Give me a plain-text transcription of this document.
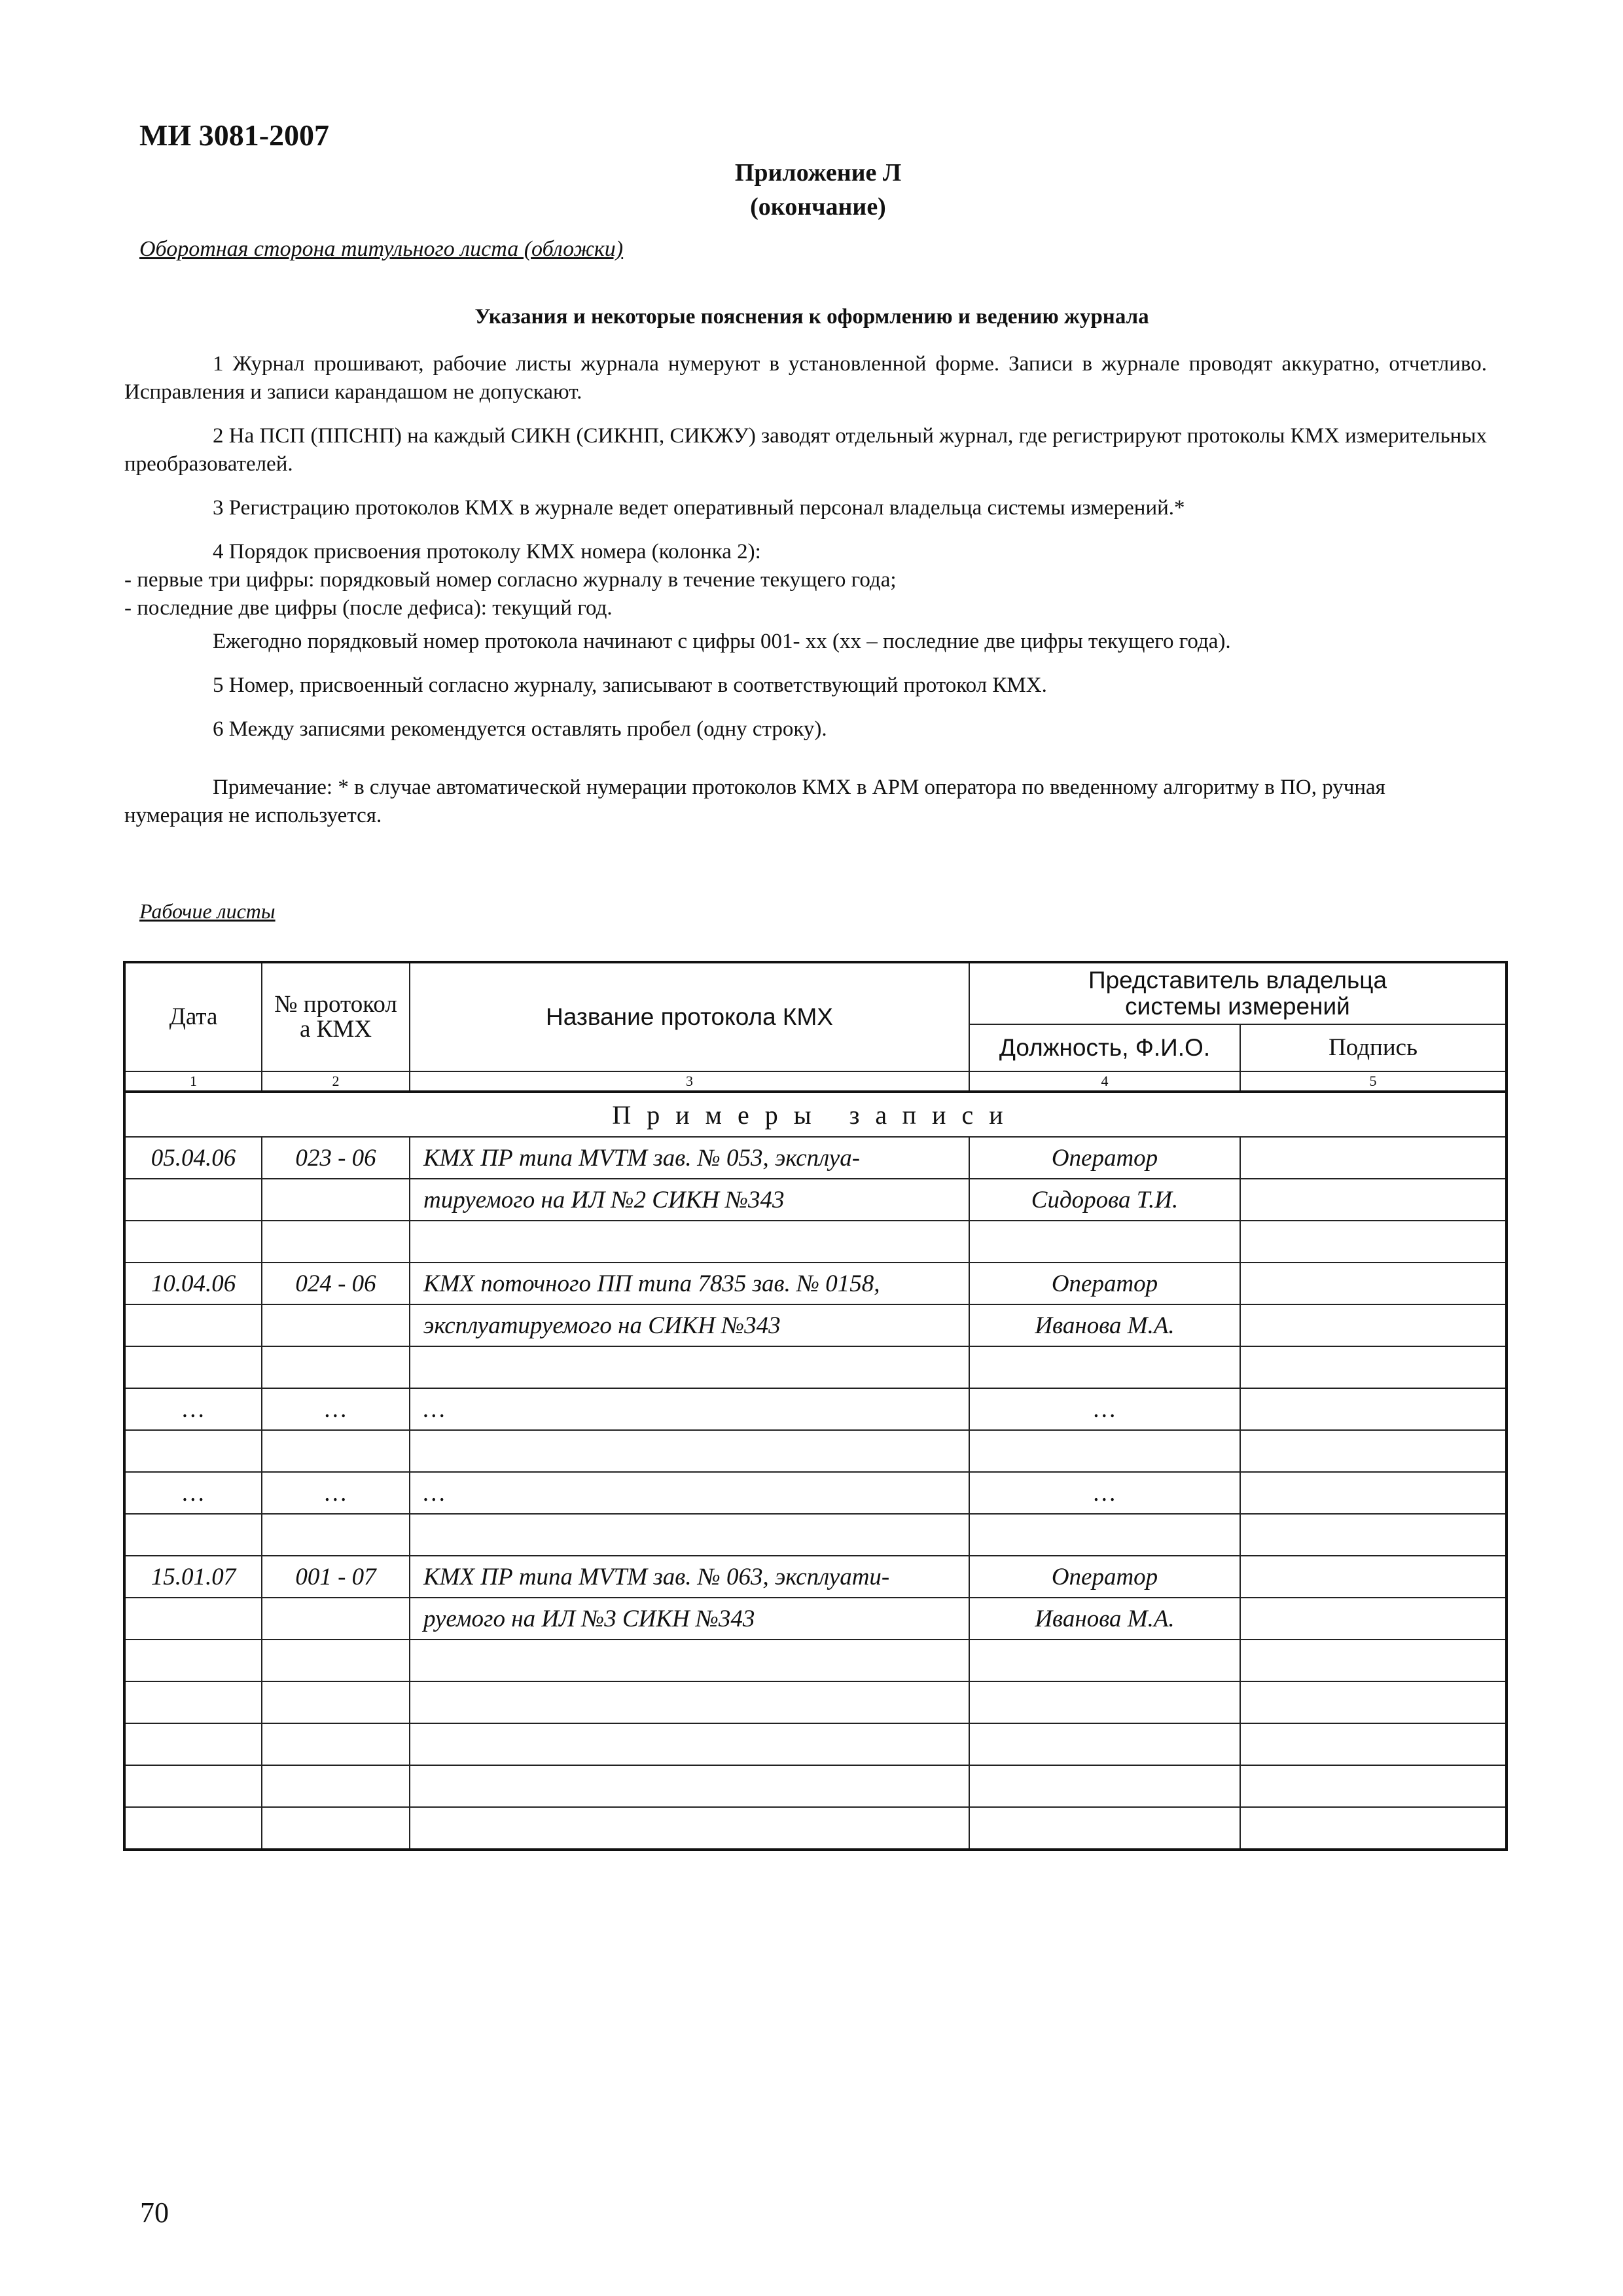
МИ 3081-2007
Приложение Л
(окончание)
Оборотная сторона титульного листа (обложки)
Указания и некоторые пояснения к оформлению и ведению журнала

1 Журнал прошивают, рабочие листы журнала нумеруют в установленной форме. Записи в журнале проводят аккуратно, отчетливо. Исправления и записи карандашом не допускают.

2 На ПСП (ППСНП) на каждый СИКН (СИКНП, СИКЖУ) заводят отдельный журнал, где регистрируют протоколы КМХ измерительных преобразователей.

3 Регистрацию протоколов КМХ в журнале ведет оперативный персонал владельца системы измерений.*

4 Порядок присвоения протоколу КМХ номера (колонка 2):

- первые три цифры: порядковый номер согласно журналу в течение текущего года;

- последние две цифры (после дефиса): текущий год.

Ежегодно порядковый номер протокола начинают с цифры 001- xx (xx – последние две цифры текущего года).

5 Номер, присвоенный согласно журналу, записывают в соответствующий протокол КМХ.

6 Между записями рекомендуется оставлять пробел (одну строку).

Примечание: * в случае автоматической нумерации протоколов КМХ в АРМ оператора по введенному алгоритму в ПО, ручная нумерация не используется.

Рабочие листы
Дата	№ протокол а КМХ	Название протокола КМХ	Представитель владельца системы измерений	
			Должность, Ф.И.О.	Подпись
1	2	3	4	5
Примеры записи				
05.04.06	023 - 06	КМХ ПР типа MVTM зав. № 053, эксплуа-	Оператор	
		тируемого на ИЛ №2 СИКН №343	Сидорова Т.И.	

10.04.06	024 - 06	КМХ поточного ПП типа 7835 зав. № 0158,	Оператор	
		эксплуатируемого на СИКН №343	Иванова М.А.	

…	…	…	…	

…	…	…	…	

15.01.07	001 - 07	КМХ ПР типа MVTM зав. № 063, эксплуати-	Оператор	
		руемого на ИЛ №3 СИКН №343	Иванова М.А.	

70
